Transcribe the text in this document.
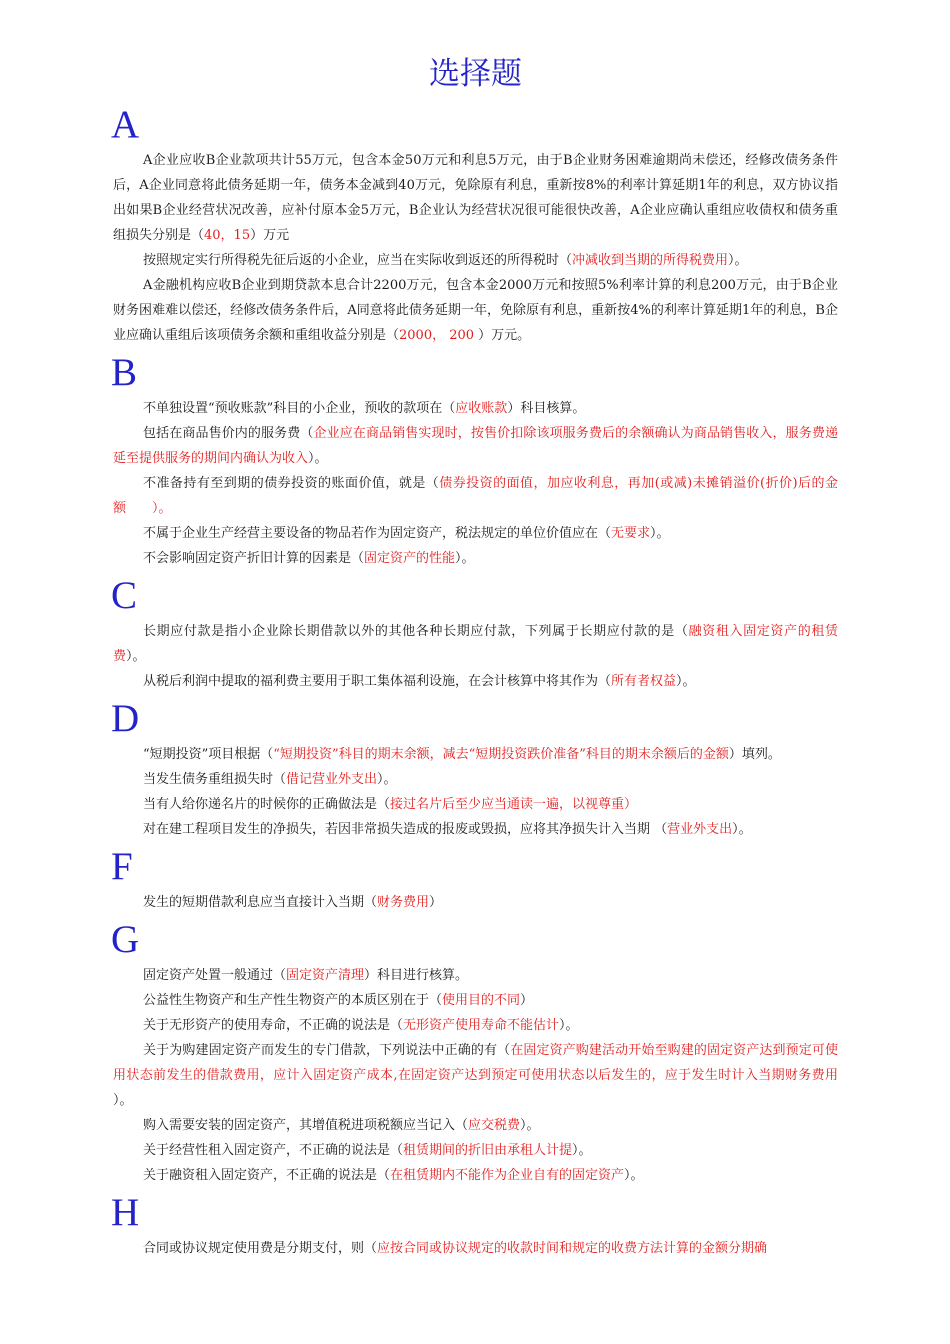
选择题
A

A企业应收B企业款项共计55万元，包含本金50万元和利息5万元，由于B企业财务困难逾期尚未偿还，经修改债务条件后，A企业同意将此债务延期一年，债务本金减到40万元，免除原有利息，重新按8%的利率计算延期1年的利息，双方协议指出如果B企业经营状况改善，应补付原本金5万元，B企业认为经营状况很可能很快改善，A企业应确认重组应收债权和债务重组损失分别是（40，15）万元

按照规定实行所得税先征后返的小企业，应当在实际收到返还的所得税时（冲减收到当期的所得税费用）。

A金融机构应收B企业到期贷款本息合计2200万元，包含本金2000万元和按照5%利率计算的利息200万元，由于B企业财务困难难以偿还，经修改债务条件后，A同意将此债务延期一年，免除原有利息，重新按4%的利率计算延期1年的利息，B企业应确认重组后该项债务余额和重组收益分别是（2000， 200 ）万元。

B

不单独设置“预收账款”科目的小企业，预收的款项在（应收账款）科目核算。

包括在商品售价内的服务费（企业应在商品销售实现时，按售价扣除该项服务费后的余额确认为商品销售收入，服务费递延至提供服务的期间内确认为收入）。

不准备持有至到期的债券投资的账面价值，就是（债券投资的面值，加应收利息，再加(或减)未摊销溢价(折价)后的金额　　）。

不属于企业生产经营主要设备的物品若作为固定资产，税法规定的单位价值应在（无要求）。

不会影响固定资产折旧计算的因素是（固定资产的性能）。

C

长期应付款是指小企业除长期借款以外的其他各种长期应付款，下列属于长期应付款的是（融资租入固定资产的租赁费）。

从税后利润中提取的福利费主要用于职工集体福利设施，在会计核算中将其作为（所有者权益）。

D

“短期投资”项目根据（“短期投资”科目的期末余额，减去“短期投资跌价准备”科目的期末余额后的金额）填列。

当发生债务重组损失时（借记营业外支出）。

当有人给你递名片的时候你的正确做法是（接过名片后至少应当通读一遍，以视尊重）

对在建工程项目发生的净损失，若因非常损失造成的报废或毁损，应将其净损失计入当期 （营业外支出）。

F

发生的短期借款利息应当直接计入当期（财务费用）

G

固定资产处置一般通过（固定资产清理）科目进行核算。

公益性生物资产和生产性生物资产的本质区别在于（使用目的不同）

关于无形资产的使用寿命，不正确的说法是（无形资产使用寿命不能估计）。

关于为购建固定资产而发生的专门借款，下列说法中正确的有（在固定资产购建活动开始至购建的固定资产达到预定可使用状态前发生的借款费用，应计入固定资产成本,在固定资产达到预定可使用状态以后发生的，应于发生时计入当期财务费用 ）。

购入需要安装的固定资产，其增值税进项税额应当记入（应交税费）。

关于经营性租入固定资产，不正确的说法是（租赁期间的折旧由承租人计提）。

关于融资租入固定资产，不正确的说法是（在租赁期内不能作为企业自有的固定资产）。

H

合同或协议规定使用费是分期支付，则（应按合同或协议规定的收款时间和规定的收费方法计算的金额分期确
